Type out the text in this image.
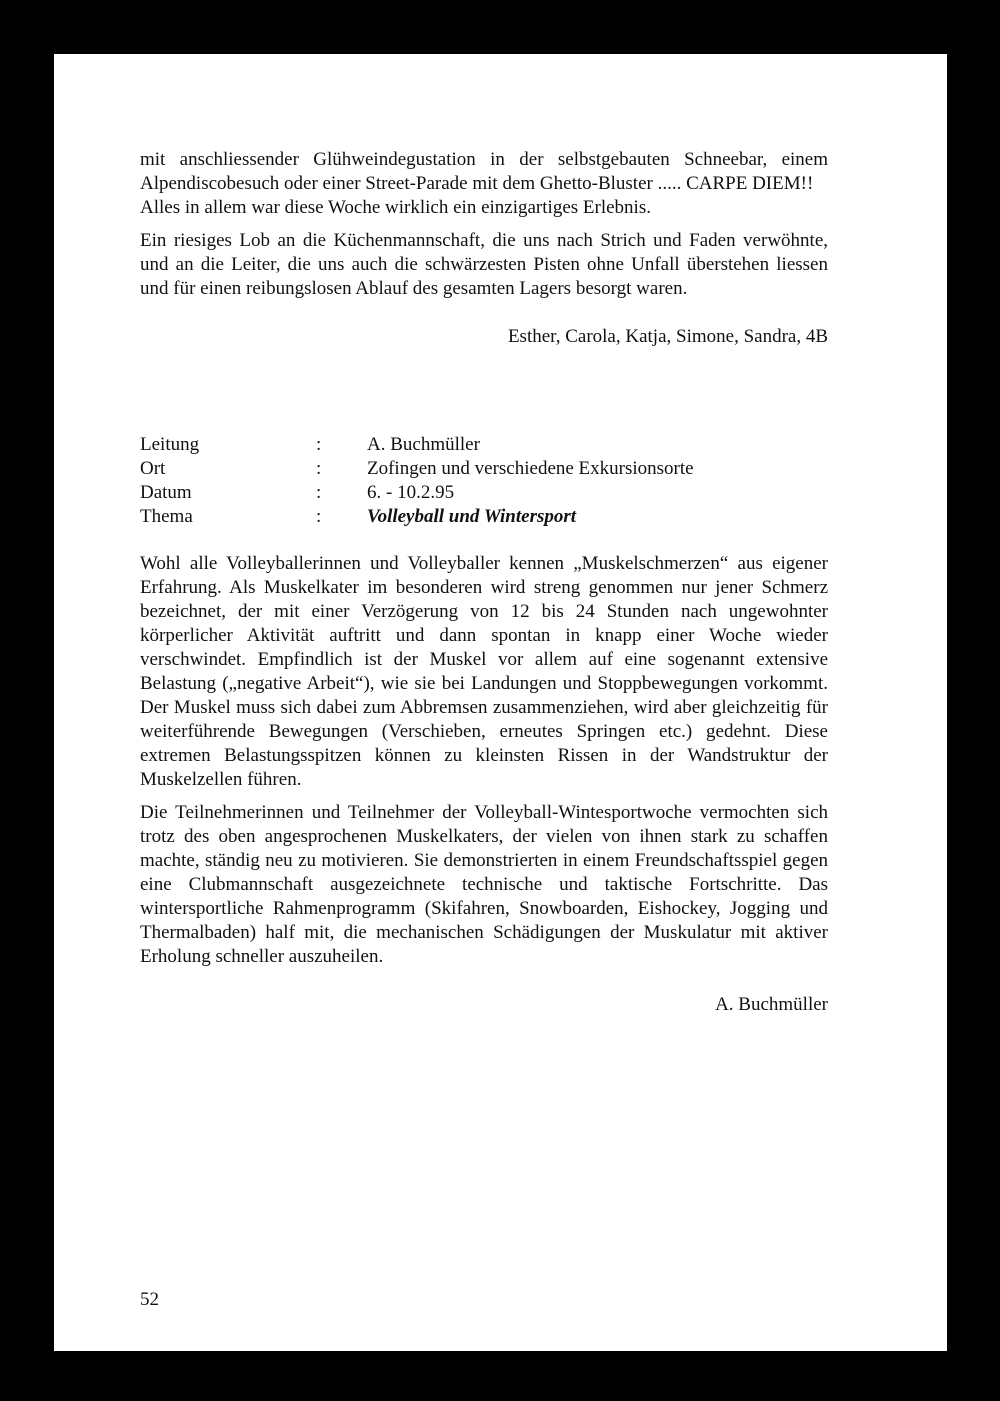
mit anschliessender Glühweindegustation in der selbstgebauten Schneebar, einem Alpendiscobesuch oder einer Street-Parade mit dem Ghetto-Bluster ..... CARPE DIEM!!

Alles in allem war diese Woche wirklich ein einzigartiges Erlebnis.

Ein riesiges Lob an die Küchenmannschaft, die uns nach Strich und Faden verwöhnte, und an die Leiter, die uns auch die schwärzesten Pisten ohne Unfall überstehen liessen und für einen reibungslosen Ablauf des gesamten Lagers besorgt waren.

Esther, Carola, Katja, Simone, Sandra, 4B

Leitung	:	A. Buchmüller
Ort	:	Zofingen und verschiedene Exkursionsorte
Datum	:	6. - 10.2.95
Thema	:	Volleyball und Wintersport

Wohl alle Volleyballerinnen und Volleyballer kennen „Muskelschmerzen“ aus eigener Erfahrung. Als Muskelkater im besonderen wird streng genommen nur jener Schmerz bezeichnet, der mit einer Verzögerung von 12 bis 24 Stunden nach ungewohnter körperlicher Aktivität auftritt und dann spontan in knapp einer Woche wieder verschwindet. Empfindlich ist der Muskel vor allem auf eine sogenannt extensive Belastung („negative Arbeit“), wie sie bei Landungen und Stoppbewegungen vorkommt. Der Muskel muss sich dabei zum Abbremsen zusammenziehen, wird aber gleichzeitig für weiterführende Bewegungen (Verschieben, erneutes Springen etc.) gedehnt. Diese extremen Belastungsspitzen können zu kleinsten Rissen in der Wandstruktur der Muskelzellen führen.

Die Teilnehmerinnen und Teilnehmer der Volleyball-Wintesportwoche vermochten sich trotz des oben angesprochenen Muskelkaters, der vielen von ihnen stark zu schaffen machte, ständig neu zu motivieren. Sie demonstrierten in einem Freundschaftsspiel gegen eine Clubmannschaft ausgezeichnete technische und taktische Fortschritte. Das wintersportliche Rahmenprogramm (Skifahren, Snowboarden, Eishockey, Jogging und Thermalbaden) half mit, die mechanischen Schädigungen der Muskulatur mit aktiver Erholung schneller auszuheilen.

A. Buchmüller

52
